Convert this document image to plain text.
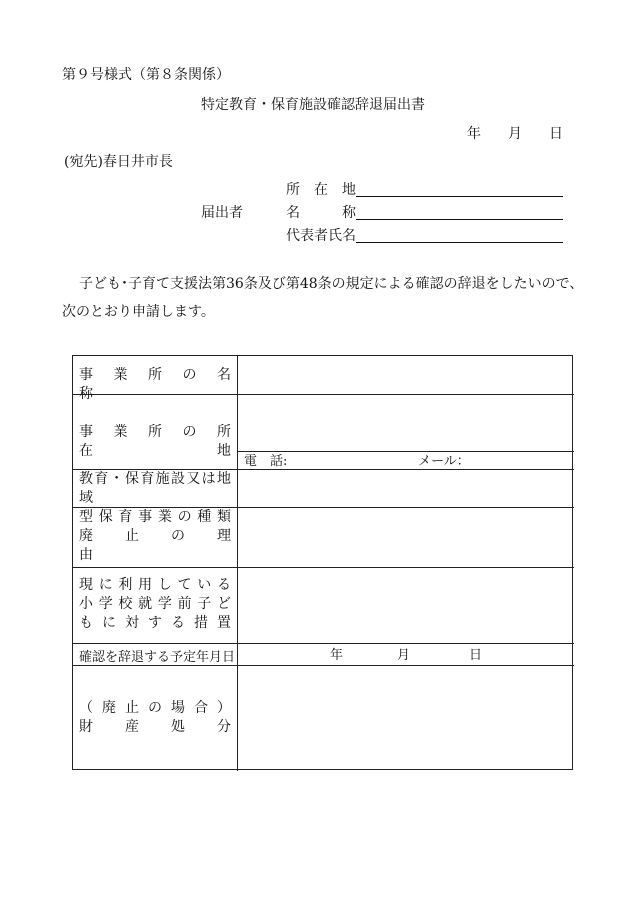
第９号様式（第８条関係）
特定教育・保育施設確認辞退届出書
年 月 日
(宛先)春日井市長
届出者
所　在　地
名　　　称
代表者氏名
子ども･子育て支援法第36条及び第48条の規定による確認の辞退をしたいので、
次のとおり申請します。
事　業　所　の　名　称
事　業　所　の　所　在　地
電　話:	メール：
教育・保育施設又は地域
型 保 育 事 業 の 種 類
廃　　止　　の　　理　　由
現 に 利 用 し て い る
小 学 校 就 学 前 子 ど
も に 対 す る 措 置
確認を辞退する予定年月日	年	月	日
（ 廃 止 の 場 合 ）
財　　産　　処　　分
